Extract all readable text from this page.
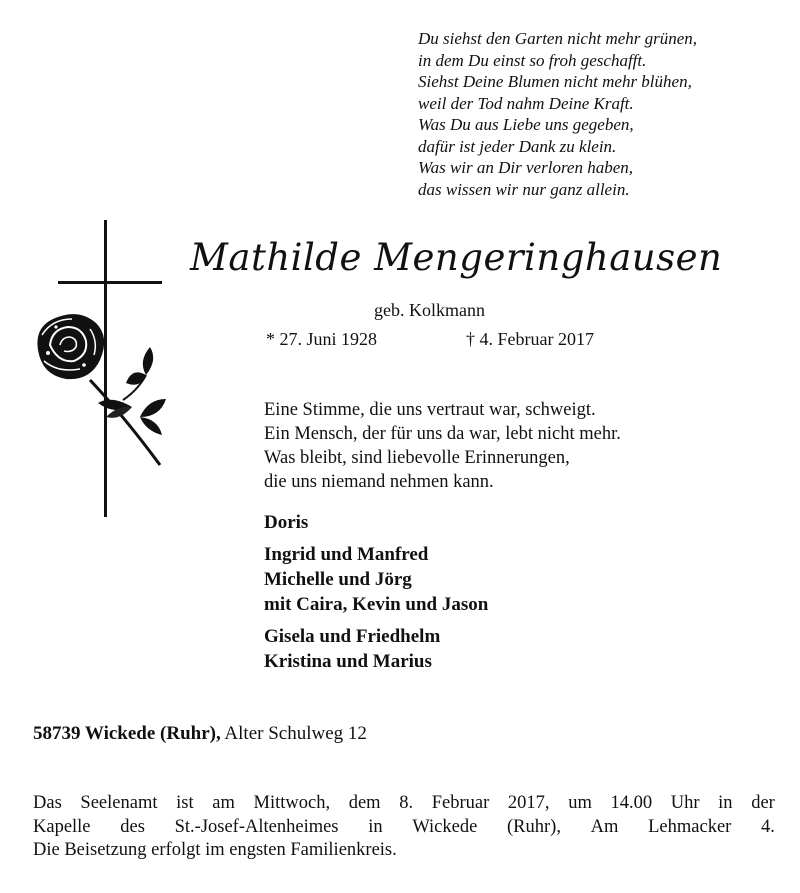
Du siehst den Garten nicht mehr grünen,
in dem Du einst so froh geschafft.
Siehst Deine Blumen nicht mehr blühen,
weil der Tod nahm Deine Kraft.
Was Du aus Liebe uns gegeben,
dafür ist jeder Dank zu klein.
Was wir an Dir verloren haben,
das wissen wir nur ganz allein.
Mathilde Mengeringhausen
geb. Kolkmann
* 27. Juni 1928	† 4. Februar 2017
Eine Stimme, die uns vertraut war, schweigt.
Ein Mensch, der für uns da war, lebt nicht mehr.
Was bleibt, sind liebevolle Erinnerungen,
die uns niemand nehmen kann.
Doris
Ingrid und Manfred
Michelle und Jörg
mit Caira, Kevin und Jason
Gisela und Friedhelm
Kristina und Marius
58739 Wickede (Ruhr), Alter Schulweg 12
Das Seelenamt ist am Mittwoch, dem 8. Februar 2017, um 14.00 Uhr in der
Kapelle des St.-Josef-Altenheimes in Wickede (Ruhr), Am Lehmacker 4.
Die Beisetzung erfolgt im engsten Familienkreis.
